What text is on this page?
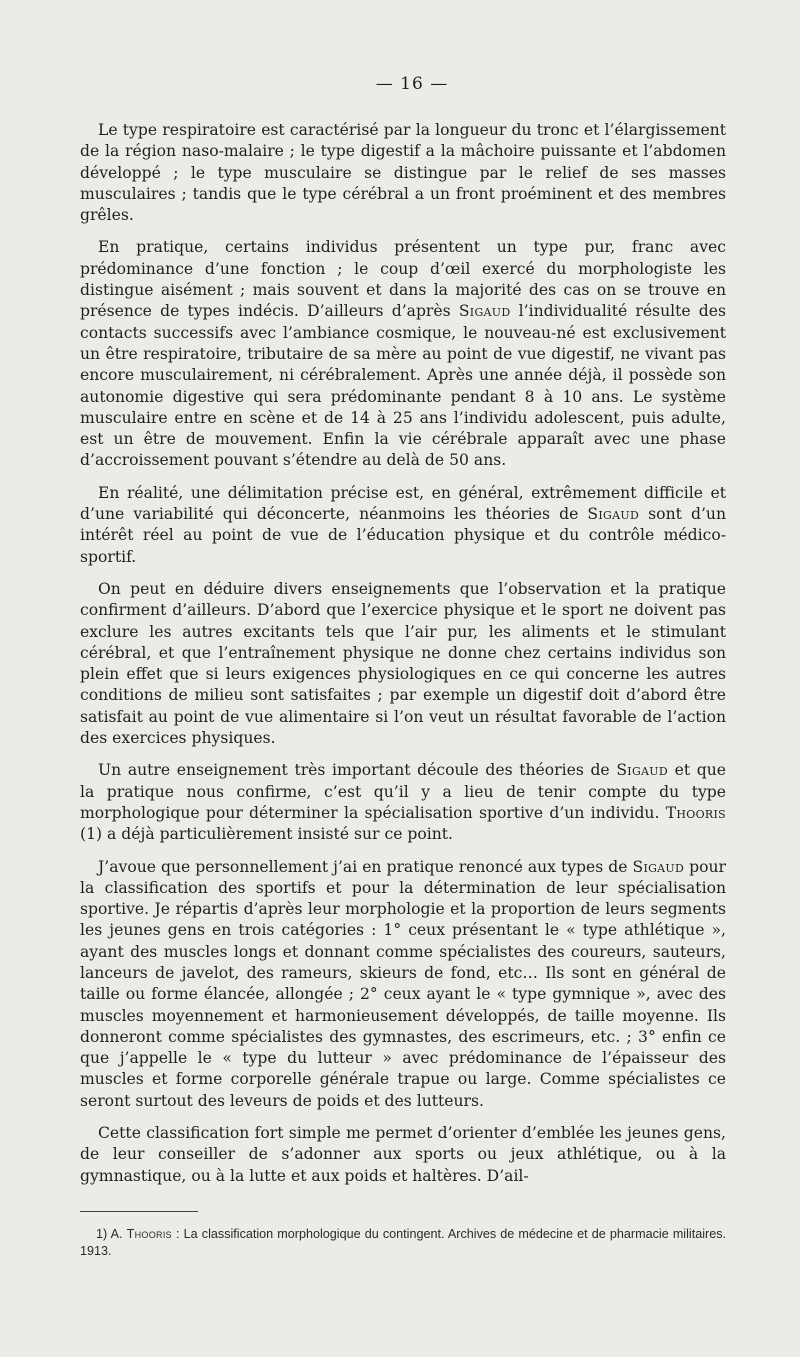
— 16 —

Le type respiratoire est caractérisé par la longueur du tronc et l’élargissement de la région naso-malaire ; le type digestif a la mâchoire puissante et l’abdomen développé ; le type musculaire se distingue par le relief de ses masses musculaires ; tandis que le type cérébral a un front proéminent et des membres grêles.

En pratique, certains individus présentent un type pur, franc avec prédominance d’une fonction ; le coup d’œil exercé du morphologiste les distingue aisément ; mais souvent et dans la majorité des cas on se trouve en présence de types indécis. D’ailleurs d’après Sigaud l’individualité résulte des contacts successifs avec l’ambiance cosmique, le nouveau-né est exclusivement un être respiratoire, tributaire de sa mère au point de vue digestif, ne vivant pas encore musculairement, ni cérébralement. Après une année déjà, il possède son autonomie digestive qui sera prédominante pendant 8 à 10 ans. Le système musculaire entre en scène et de 14 à 25 ans l’individu adolescent, puis adulte, est un être de mouvement. Enfin la vie cérébrale apparaît avec une phase d’accroissement pouvant s’étendre au delà de 50 ans.

En réalité, une délimitation précise est, en général, extrêmement difficile et d’une variabilité qui déconcerte, néanmoins les théories de Sigaud sont d’un intérêt réel au point de vue de l’éducation physique et du contrôle médico-sportif.

On peut en déduire divers enseignements que l’observation et la pratique confirment d’ailleurs. D’abord que l’exercice physique et le sport ne doivent pas exclure les autres excitants tels que l’air pur, les aliments et le stimulant cérébral, et que l’entraînement physique ne donne chez certains individus son plein effet que si leurs exigences physiologiques en ce qui concerne les autres conditions de milieu sont satisfaites ; par exemple un digestif doit d’abord être satisfait au point de vue alimentaire si l’on veut un résultat favorable de l’action des exercices physiques.

Un autre enseignement très important découle des théories de Sigaud et que la pratique nous confirme, c’est qu’il y a lieu de tenir compte du type morphologique pour déterminer la spécialisation sportive d’un individu. Thooris (1) a déjà particulièrement insisté sur ce point.

J’avoue que personnellement j’ai en pratique renoncé aux types de Sigaud pour la classification des sportifs et pour la détermination de leur spécialisation sportive. Je répartis d’après leur morphologie et la proportion de leurs segments les jeunes gens en trois catégories : 1° ceux présentant le « type athlétique », ayant des muscles longs et donnant comme spécialistes des coureurs, sauteurs, lanceurs de javelot, des rameurs, skieurs de fond, etc… Ils sont en général de taille ou forme élancée, allongée ; 2° ceux ayant le « type gymnique », avec des muscles moyennement et harmonieusement développés, de taille moyenne. Ils donneront comme spécialistes des gymnastes, des escrimeurs, etc. ; 3° enfin ce que j’appelle le « type du lutteur » avec prédominance de l’épaisseur des muscles et forme corporelle générale trapue ou large. Comme spécialistes ce seront surtout des leveurs de poids et des lutteurs.

Cette classification fort simple me permet d’orienter d’emblée les jeunes gens, de leur conseiller de s’adonner aux sports ou jeux athlétique, ou à la gymnastique, ou à la lutte et aux poids et haltères. D’ail-

1) A. Thooris : La classification morphologique du contingent. Archives de médecine et de pharmacie militaires. 1913.
